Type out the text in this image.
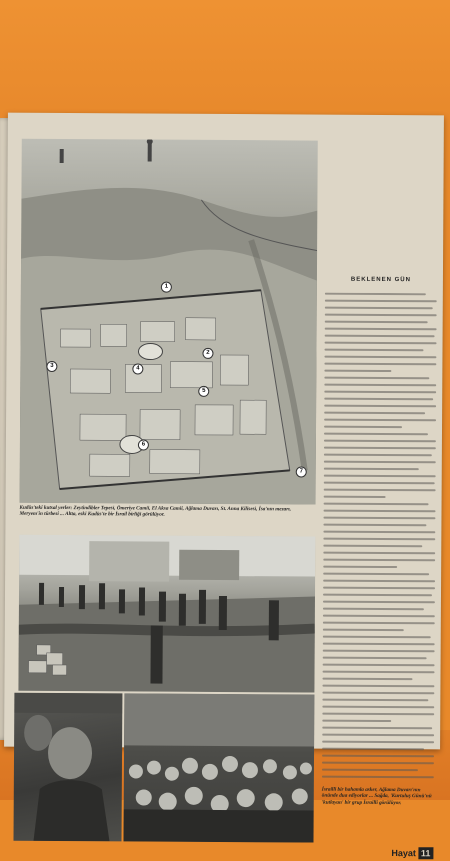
1
2
3	4
5
6
7
Kudüs'teki kutsal yerler: Zeytindibler Tepesi, Ömeriye Camii, El Aksa Camii, Ağlama Duvarı, St. Anna Kilisesi, İsa'nın mezarı, Meryem'in türbesi ... Altta, eski Kudüs'te bir İsrail birliği görülüyor.
BEKLENEN GÜN
İsrailli bir hahamla asker, Ağlama Duvarı'nın önünde dua ediyorlar ... Sağda, 'Kurtuluş Günü'nü 'kutlayan' bir grup İsrailli görülüyor.
Hayat 11
